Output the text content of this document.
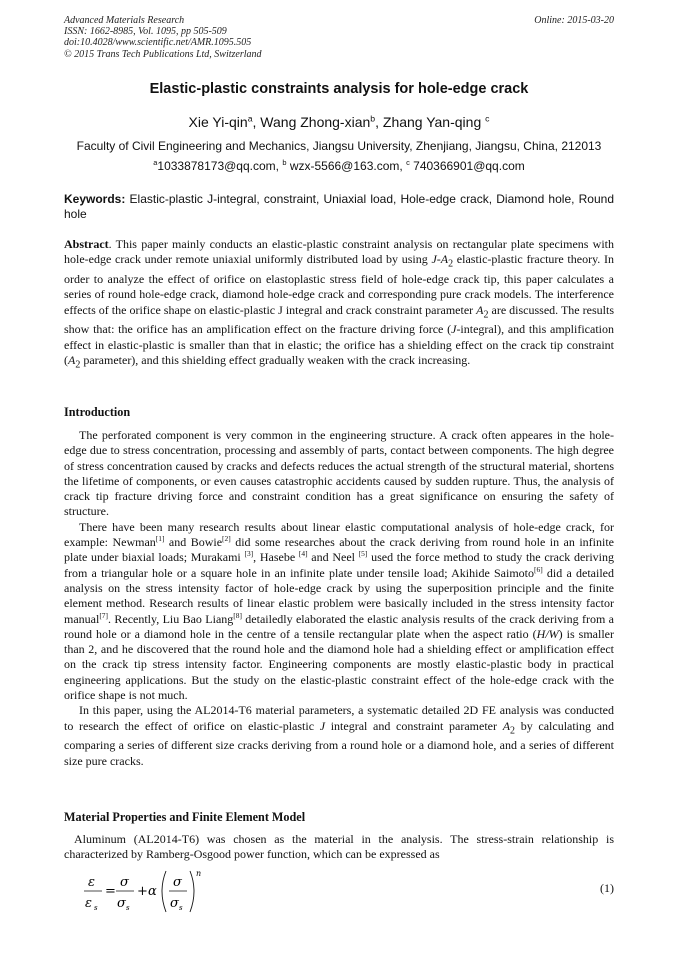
Advanced Materials Research
ISSN: 1662-8985, Vol. 1095, pp 505-509
doi:10.4028/www.scientific.net/AMR.1095.505
© 2015 Trans Tech Publications Ltd, Switzerland
Online: 2015-03-20
Elastic-plastic constraints analysis for hole-edge crack
Xie Yi-qin$^a$, Wang Zhong-xian$^b$, Zhang Yan-qing $^c$
Faculty of Civil Engineering and Mechanics, Jiangsu University, Zhenjiang, Jiangsu, China, 212013
$^a$1033878173@qq.com, $^b$ wzx-5566@163.com, $^c$ 740366901@qq.com
Keywords: Elastic-plastic J-integral, constraint, Uniaxial load, Hole-edge crack, Diamond hole, Round hole
Abstract. This paper mainly conducts an elastic-plastic constraint analysis on rectangular plate specimens with hole-edge crack under remote uniaxial uniformly distributed load by using $J-A_2$ elastic-plastic fracture theory. In order to analyze the effect of orifice on elastoplastic stress field of hole-edge crack tip, this paper calculates a series of round hole-edge crack, diamond hole-edge crack and corresponding pure crack models. The interference effects of the orifice shape on elastic-plastic J integral and crack constraint parameter $A_2$ are discussed. The results show that: the orifice has an amplification effect on the fracture driving force (J-integral), and this amplification effect in elastic-plastic is smaller than that in elastic; the orifice has a shielding effect on the crack tip constraint ($A_2$ parameter), and this shielding effect gradually weaken with the crack increasing.
Introduction

The perforated component is very common in the engineering structure. A crack often appeares in the hole-edge due to stress concentration, processing and assembly of parts, contact between components. The high degree of stress concentration caused by cracks and defects reduces the actual strength of the structural material, shortens the lifetime of components, or even causes catastrophic accidents caused by sudden rupture. Thus, the analysis of crack tip fracture driving force and constraint condition has a great significance on ensuring the safety of structure.

There have been many research results about linear elastic computational analysis of hole-edge crack, for example: Newman[1] and Bowie[2] did some researches about the crack deriving from round hole in an infinite plate under biaxial loads; Murakami [3], Hasebe [4] and Neel [5] used the force method to study the crack deriving from a triangular hole or a square hole in an infinite plate under tensile load; Akihide Saimoto[6] did a detailed analysis on the stress intensity factor of hole-edge crack by using the superposition principle and the finite element method. Research results of linear elastic problem were basically included in the stress intensity factor manual[7]. Recently, Liu Bao Liang[8] detailedly elaborated the elastic analysis results of the crack deriving from a round hole or a diamond hole in the centre of a tensile rectangular plate when the aspect ratio (H/W) is smaller than 2, and he discovered that the round hole and the diamond hole had a shielding effect or amplification effect on the crack tip stress intensity factor. Engineering components are mostly elastic-plastic body in practical engineering applications. But the study on the elastic-plastic constraint effect of the hole-edge crack with the orifice shape is not much.

In this paper, using the AL2014-T6 material parameters, a systematic detailed 2D FE analysis was conducted to research the effect of orifice on elastic-plastic J integral and constraint parameter $A_2$ by calculating and comparing a series of different size cracks deriving from a round hole or a diamond hole, and a series of different size pure cracks.

Material Properties and Finite Element Model

Aluminum (AL2014-T6) was chosen as the material in the analysis. The stress-strain relationship is characterized by Ramberg-Osgood power function, which can be expressed as

ε
ε s
=
σ
σ s
+ α
σ
σ s
n
(1)
